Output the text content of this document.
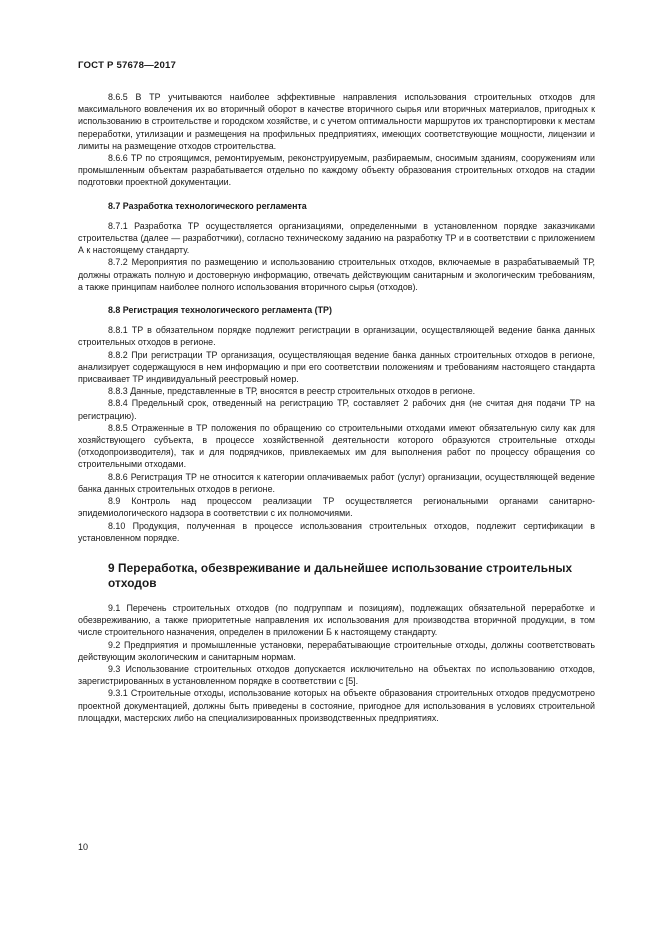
ГОСТ Р 57678—2017

8.6.5 В ТР учитываются наиболее эффективные направления использования строительных отходов для максимального вовлечения их во вторичный оборот в качестве вторичного сырья или вторичных материалов, пригодных к использованию в строительстве и городском хозяйстве, и с учетом оптимальности маршрутов их транспортировки к местам переработки, утилизации и размещения на профильных предприятиях, имеющих соответствующие мощности, лицензии и лимиты на размещение отходов строительства.

8.6.6 ТР по строящимся, ремонтируемым, реконструируемым, разбираемым, сносимым зданиям, сооружениям или промышленным объектам разрабатывается отдельно по каждому объекту образования строительных отходов на стадии подготовки проектной документации.

8.7 Разработка технологического регламента

8.7.1 Разработка ТР осуществляется организациями, определенными в установленном порядке заказчиками строительства (далее — разработчики), согласно техническому заданию на разработку ТР и в соответствии с приложением А к настоящему стандарту.

8.7.2 Мероприятия по размещению и использованию строительных отходов, включаемые в разрабатываемый ТР, должны отражать полную и достоверную информацию, отвечать действующим санитарным и экологическим требованиям, а также принципам наиболее полного использования вторичного сырья (отходов).

8.8 Регистрация технологического регламента (ТР)

8.8.1 ТР в обязательном порядке подлежит регистрации в организации, осуществляющей ведение банка данных строительных отходов в регионе.

8.8.2 При регистрации ТР организация, осуществляющая ведение банка данных строительных отходов в регионе, анализирует содержащуюся в нем информацию и при его соответствии положениям и требованиям настоящего стандарта присваивает ТР индивидуальный реестровый номер.

8.8.3 Данные, представленные в ТР, вносятся в реестр строительных отходов в регионе.

8.8.4 Предельный срок, отведенный на регистрацию ТР, составляет 2 рабочих дня (не считая дня подачи ТР на регистрацию).

8.8.5 Отраженные в ТР положения по обращению со строительными отходами имеют обязательную силу как для хозяйствующего субъекта, в процессе хозяйственной деятельности которого образуются строительные отходы (отходопроизводителя), так и для подрядчиков, привлекаемых им для выполнения работ по процессу обращения со строительными отходами.

8.8.6 Регистрация ТР не относится к категории оплачиваемых работ (услуг) организации, осуществляющей ведение банка данных строительных отходов в регионе.

8.9 Контроль над процессом реализации ТР осуществляется региональными органами санитарно-эпидемиологического надзора в соответствии с их полномочиями.

8.10 Продукция, полученная в процессе использования строительных отходов, подлежит сертификации в установленном порядке.

9 Переработка, обезвреживание и дальнейшее использование строительных отходов

9.1 Перечень строительных отходов (по подгруппам и позициям), подлежащих обязательной переработке и обезвреживанию, а также приоритетные направления их использования для производства вторичной продукции, в том числе строительного назначения, определен в приложении Б к настоящему стандарту.

9.2 Предприятия и промышленные установки, перерабатывающие строительные отходы, должны соответствовать действующим экологическим и санитарным нормам.

9.3 Использование строительных отходов допускается исключительно на объектах по использованию отходов, зарегистрированных в установленном порядке в соответствии с [5].

9.3.1 Строительные отходы, использование которых на объекте образования строительных отходов предусмотрено проектной документацией, должны быть приведены в состояние, пригодное для использования в условиях строительной площадки, мастерских либо на специализированных производственных предприятиях.

10
